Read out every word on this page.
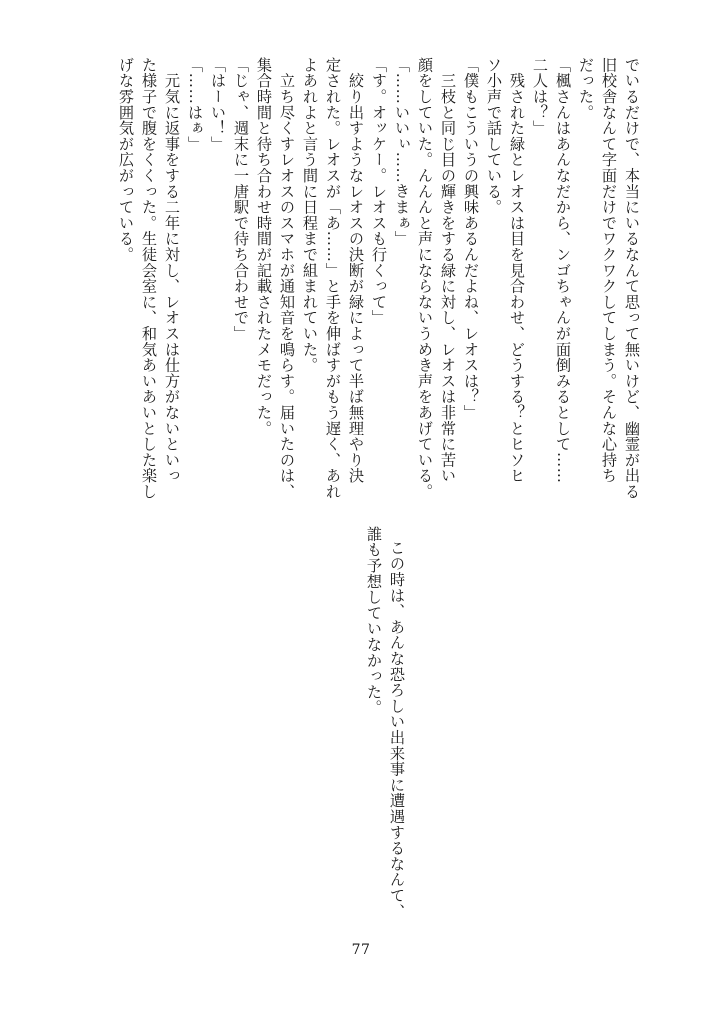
でいるだけで、本当にいるなんて思って無いけど、幽霊が出る
旧校舎なんて字面だけでワクワクしてしまう。そんな心持ち
だった。
「楓さんはあんなだから、ンゴちゃんが面倒みるとして……
二人は？」
　残された緑とレオスは目を見合わせ、どうする？とヒソヒ
ソ小声で話している。
「僕もこういうの興味あるんだよね、レオスは？」
　三枝と同じ目の輝きをする緑に対し、レオスは非常に苦い
顔をしていた。んんんと声にならないうめき声をあげている。
「……いいぃ……きまぁ」
「す。オッケー。レオスも行くって」
　絞り出すようなレオスの決断が緑によって半ば無理やり決
定された。レオスが「あ……」と手を伸ばすがもう遅く、あれ
よあれよと言う間に日程まで組まれていた。
　立ち尽くすレオスのスマホが通知音を鳴らす。届いたのは、
集合時間と待ち合わせ時間が記載されたメモだった。
「じゃ、週末に一唐駅で待ち合わせで」
「はーい！」
「……はぁ」
　元気に返事をする二年に対し、レオスは仕方がないといっ
た様子で腹をくくった。生徒会室に、和気あいあいとした楽し
げな雰囲気が広がっている。
この時は、あんな恐ろしい出来事に遭遇するなんて、
誰も予想していなかった。
77
